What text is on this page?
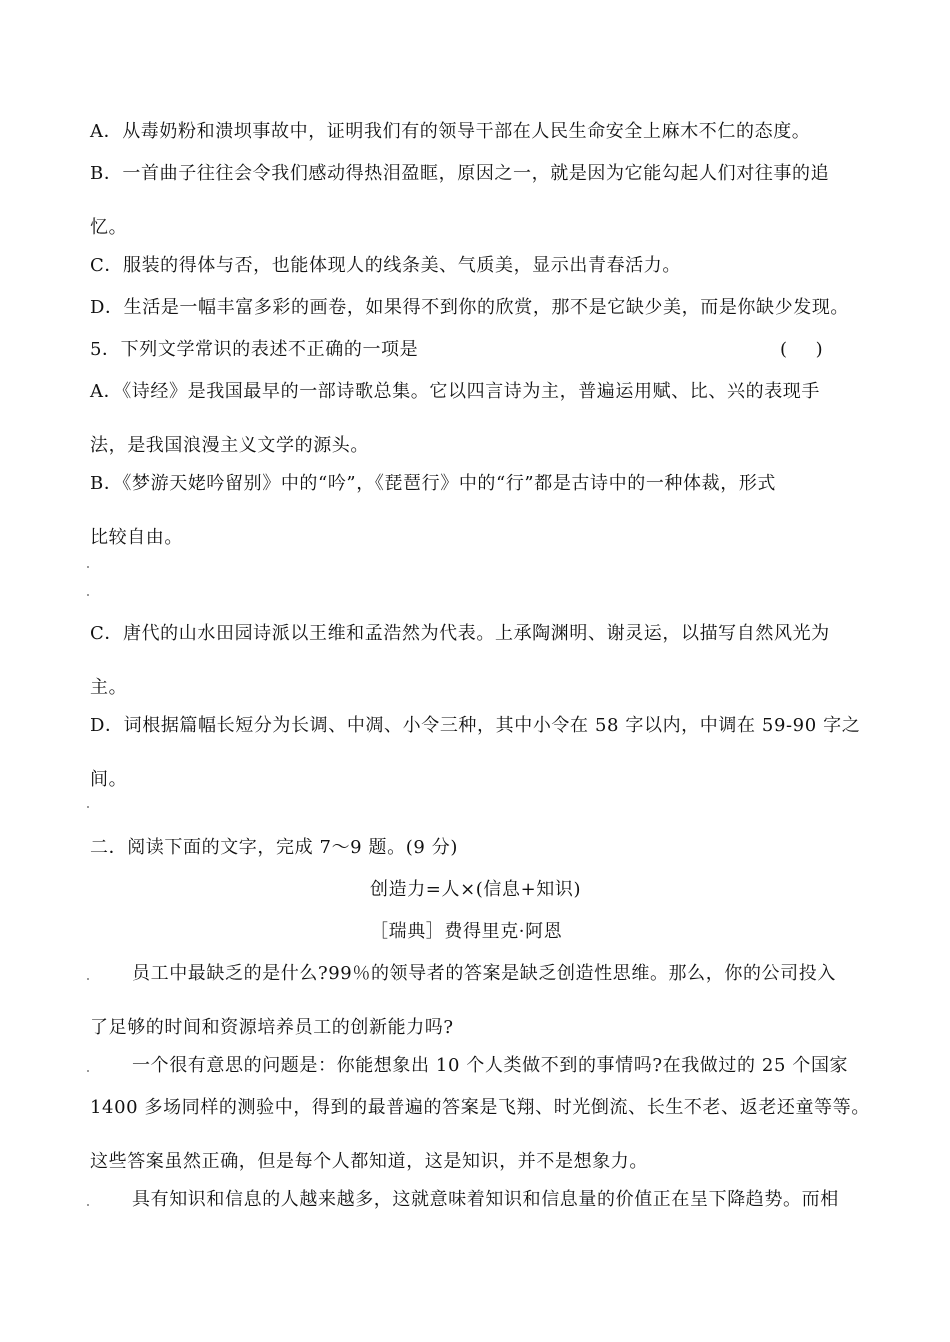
A．从毒奶粉和溃坝事故中，证明我们有的领导干部在人民生命安全上麻木不仁的态度。
B．一首曲子往往会令我们感动得热泪盈眶，原因之一，就是因为它能勾起人们对往事的追
忆。
C．服装的得体与否，也能体现人的线条美、气质美，显示出青春活力。
D．生活是一幅丰富多彩的画卷，如果得不到你的欣赏，那不是它缺少美，而是你缺少发现。
5．下列文学常识的表述不正确的一项是	(     )
A．《诗经》是我国最早的一部诗歌总集。它以四言诗为主，普遍运用赋、比、兴的表现手
法，是我国浪漫主义文学的源头。
B．《梦游天姥吟留别》中的“吟”，《琵琶行》中的“行”都是古诗中的一种体裁，形式
比较自由。
C．唐代的山水田园诗派以王维和孟浩然为代表。上承陶渊明、谢灵运，以描写自然风光为
主。
D．词根据篇幅长短分为长调、中凋、小令三种，其中小令在 58 字以内，中调在 59-90 字之
间。
二．阅读下面的文字，完成 7～9 题。(9 分)
创造力=人×(信息+知识)
［瑞典］费得里克·阿恩
员工中最缺乏的是什么?99％的领导者的答案是缺乏创造性思维。那么，你的公司投入
了足够的时间和资源培养员工的创新能力吗?
一个很有意思的问题是：你能想象出 10 个人类做不到的事情吗?在我做过的 25 个国家
1400 多场同样的测验中，得到的最普遍的答案是飞翔、时光倒流、长生不老、返老还童等等。
这些答案虽然正确，但是每个人都知道，这是知识，并不是想象力。
具有知识和信息的人越来越多，这就意味着知识和信息量的价值正在呈下降趋势。而相
